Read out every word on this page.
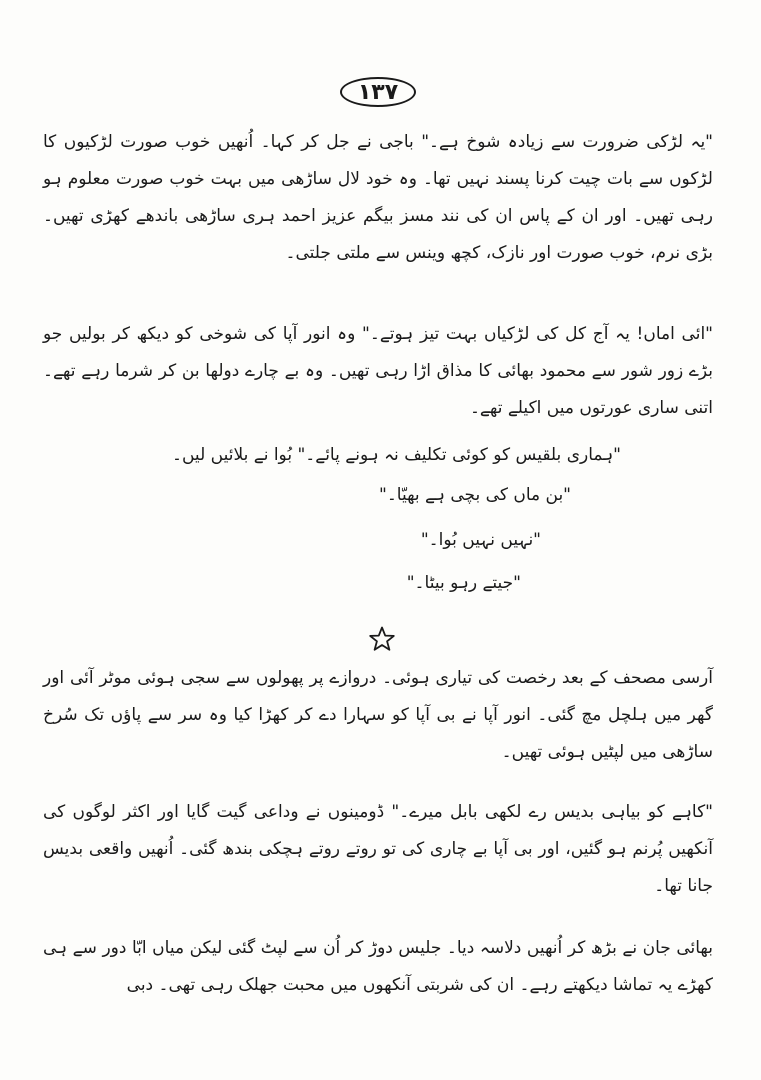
۱۳۷

"یہ لڑکی ضرورت سے زیادہ شوخ ہے۔" باجی نے جل کر کہا۔ اُنھیں خوب صورت لڑکیوں کا لڑکوں سے بات چیت کرنا پسند نہیں تھا۔ وہ خود لال ساڑھی میں بہت خوب صورت معلوم ہو رہی تھیں۔ اور ان کے پاس ان کی نند مسز بیگم عزیز احمد ہری ساڑھی باندھے کھڑی تھیں۔ بڑی نرم، خوب صورت اور نازک، کچھ وینس سے ملتی جلتی۔

"ائی اماں! یہ آج کل کی لڑکیاں بہت تیز ہوتے۔" وہ انور آپا کی شوخی کو دیکھ کر بولیں جو بڑے زور شور سے محمود بھائی کا مذاق اڑا رہی تھیں۔ وہ بے چارے دولھا بن کر شرما رہے تھے۔ اتنی ساری عورتوں میں اکیلے تھے۔

"ہماری بلقیس کو کوئی تکلیف نہ ہونے پائے۔" بُوا نے بلائیں لیں۔
"بن ماں کی بچی ہے بھیّا۔"
"نہیں نہیں بُوا۔"
"جیتے رہو بیٹا۔"

آرسی مصحف کے بعد رخصت کی تیاری ہوئی۔ دروازے پر پھولوں سے سجی ہوئی موٹر آئی اور گھر میں ہلچل مچ گئی۔ انور آپا نے بی آپا کو سہارا دے کر کھڑا کیا وہ سر سے پاؤں تک سُرخ ساڑھی میں لپٹیں ہوئی تھیں۔

"کاہے کو بیاہی بدیس رے لکھی بابل میرے۔" ڈومینوں نے وداعی گیت گایا اور اکثر لوگوں کی آنکھیں پُرنم ہو گئیں، اور بی آپا بے چاری کی تو روتے روتے ہچکی بندھ گئی۔ اُنھیں واقعی بدیس جانا تھا۔

بھائی جان نے بڑھ کر اُنھیں دلاسہ دیا۔ جلیس دوڑ کر اُن سے لپٹ گئی لیکن میاں ابّا دور سے ہی کھڑے یہ تماشا دیکھتے رہے۔ ان کی شربتی آنکھوں میں محبت جھلک رہی تھی۔ دبی
